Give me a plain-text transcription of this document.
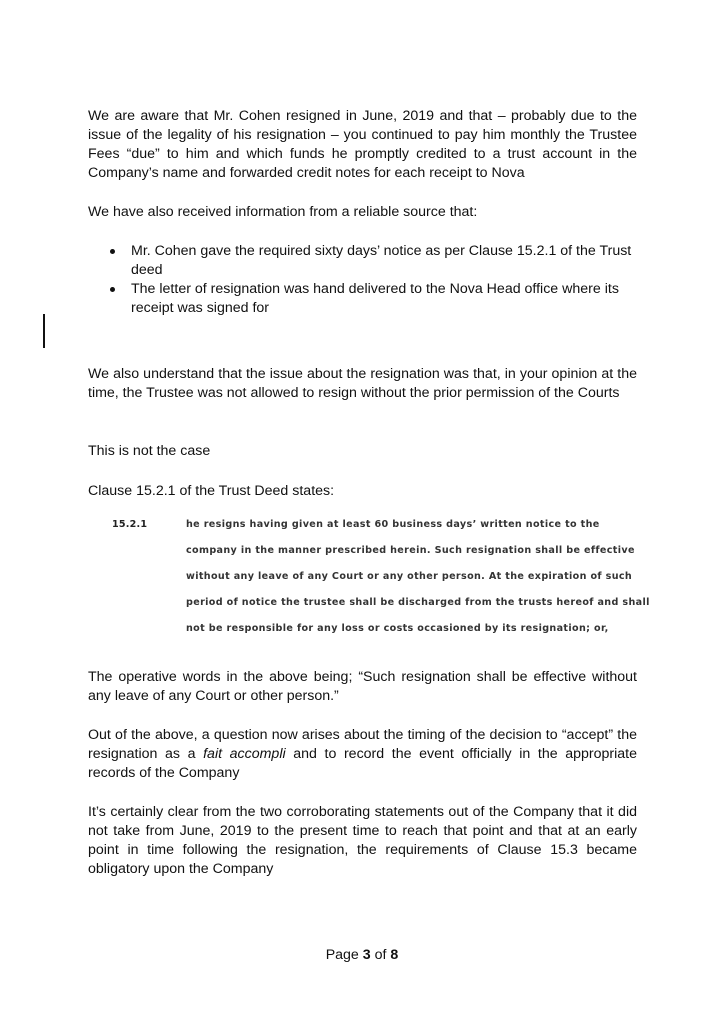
We are aware that Mr. Cohen resigned in June, 2019 and that – probably due to the issue of the legality of his resignation – you continued to pay him monthly the Trustee Fees “due” to him and which funds he promptly credited to a trust account in the Company’s name and forwarded credit notes for each receipt to Nova

We have also received information from a reliable source that:

Mr. Cohen gave the required sixty days’ notice as per Clause 15.2.1 of the Trust deed
The letter of resignation was hand delivered to the Nova Head office where its receipt was signed for

We also understand that the issue about the resignation was that, in your opinion at the time, the Trustee was not allowed to resign without the prior permission of the Courts

This is not the case

Clause 15.2.1 of the Trust Deed states:

15.2.1	he resigns having given at least 60 business days’ written notice to the
company in the manner prescribed herein. Such resignation shall be effective
without any leave of any Court or any other person. At the expiration of such
period of notice the trustee shall be discharged from the trusts hereof and shall
not be responsible for any loss or costs occasioned by its resignation; or,

The operative words in the above being; “Such resignation shall be effective without any leave of any Court or other person.”

Out of the above, a question now arises about the timing of the decision to “accept” the resignation as a fait accompli and to record the event officially in the appropriate records of the Company

It’s certainly clear from the two corroborating statements out of the Company that it did not take from June, 2019 to the present time to reach that point and that at an early point in time following the resignation, the requirements of Clause 15.3 became obligatory upon the Company

Page 3 of 8
